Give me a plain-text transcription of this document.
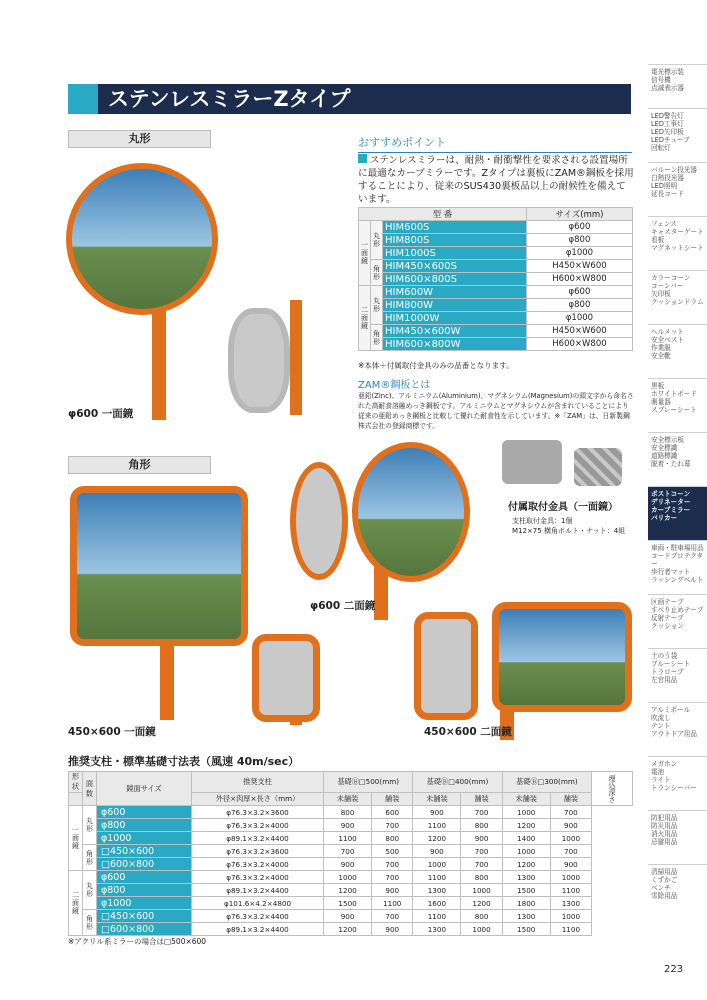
ステンレスミラーZタイプ
丸形
φ600 一面鏡
おすすめポイント
ステンレスミラーは、耐熱・耐衝撃性を要求される設置場所に最適なカーブミラーです。Zタイプは裏板にZAM®鋼板を採用することにより、従来のSUS430裏板品以上の耐候性を備えています。
型 番			サイズ(mm)
一面鏡	丸形	HIM600S	φ600
		HIM800S	φ800
		HIM1000S	φ1000
	角形	HIM450×600S	H450×W600
		HIM600×800S	H600×W800
二面鏡	丸形	HIM600W	φ600
		HIM800W	φ800
		HIM1000W	φ1000
	角形	HIM450×600W	H450×W600
		HIM600×800W	H600×W800
※本体＋付属取付金具のみの品番となります。
ZAM®鋼板とは
亜鉛(Zinc)、アルミニウム(Aluminium)、マグネシウム(Magnesium)の頭文字から命名された高耐食溶融めっき鋼板です。アルミニウムとマグネシウムが含まれていることにより従来の亜鉛めっき鋼板と比較して優れた耐食性を示しています。※「ZAM」は、日新製鋼株式会社の登録商標です。
角形
450×600 一面鏡
φ600 二面鏡
付属取付金具（一面鏡）
支柱取付金具：1個
M12×75 横角ボルト・ナット：4組
450×600 二面鏡
推奨支柱・標準基礎寸法表（風速 40m/sec）
形状	面数	鏡面サイズ	推奨支柱	基礎Ⓑ□500(mm)		基礎Ⓑ□400(mm)		基礎Ⓑ□300(mm)		埋込深さ
			外径×肉厚×長さ（mm）	未舗装	舗装	未舗装	舗装	未舗装	舗装	
一面鏡	丸形	φ600	φ76.3×3.2×3600	800	600	900	700	1000	700	
		φ800	φ76.3×3.2×4000	900	700	1100	800	1200	900	
		φ1000	φ89.1×3.2×4400	1100	800	1200	900	1400	1000	
	角形	□450×600	φ76.3×3.2×3600	700	500	900	700	1000	700	
		□600×800	φ76.3×3.2×4000	900	700	1000	700	1200	900	
二面鏡	丸形	φ600	φ76.3×3.2×4000	1000	700	1100	800	1300	1000	
		φ800	φ89.1×3.2×4400	1200	900	1300	1000	1500	1100	
		φ1000	φ101.6×4.2×4800	1500	1100	1600	1200	1800	1300	
	角形	□450×600	φ76.3×3.2×4400	900	700	1100	800	1300	1000	
		□600×800	φ89.1×3.2×4400	1200	900	1300	1000	1500	1100	
※アクリル系ミラーの場合は□500×600
電光標示装
信号機
点滅表示器
LED警告灯
LED工事灯
LED矢印板
LEDチューブ
回転灯
バルーン投光器
白熱投光器
LED照明
延長コード
フェンス
キャスターゲート
看板
マグネットシート
カラーコーン
コーンバー
矢印板
クッションドラム
ヘルメット
安全ベスト
作業服
安全靴
黒板
ホワイトボード
測量器
スプレーシート
安全標示板
安全標識
道路標識
脱着・たれ幕
ポストコーン
デリネーター
カーブミラー
バリカー
車両・駐車場用品
コードプロテクター
歩行者マット
ラッシングベルト
区画テープ
すべり止めテープ
反射テープ
クッション
土のう袋
ブルーシート
トラロープ
左官用品
アルミポール
吹流し
テント
アウトドア用品
メガホン
電池
ライト
トランシーバー
防犯用品
防災用品
消火用品
忌避用品
清掃用品
くずかご
ベンチ
雪除用品
223
